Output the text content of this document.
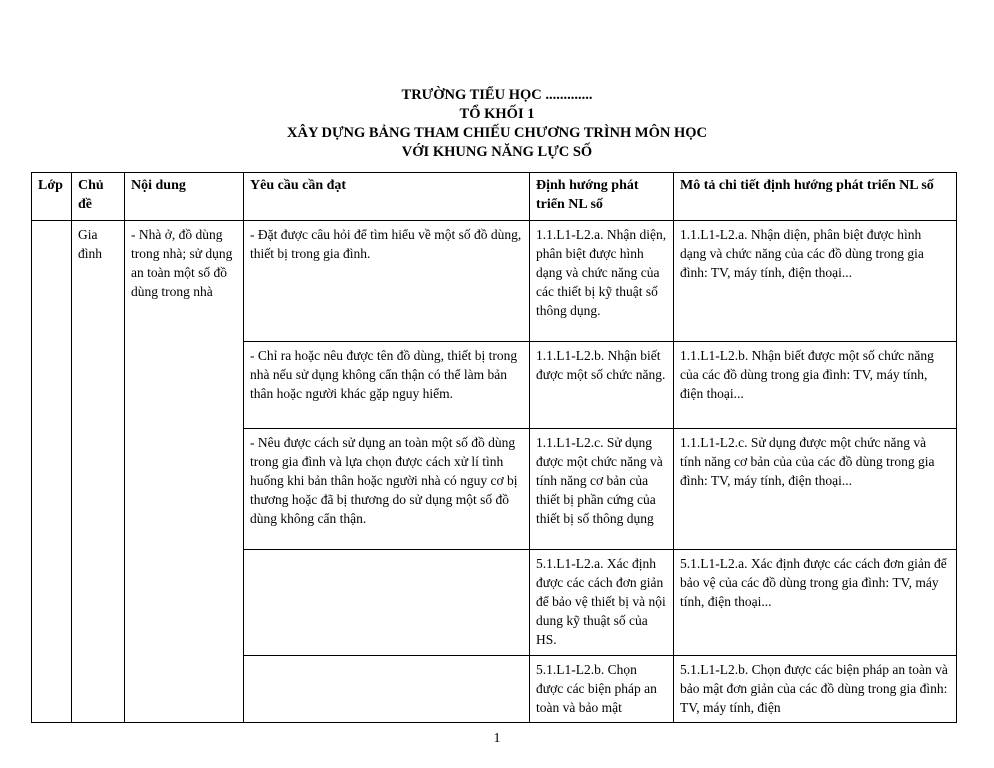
TRƯỜNG TIỂU HỌC .............
TỔ KHỐI 1
XÂY DỰNG BẢNG THAM CHIẾU CHƯƠNG TRÌNH MÔN HỌC
VỚI KHUNG NĂNG LỰC SỐ
Lớp	Chủ đề	Nội dung	Yêu cầu cần đạt	Định hướng phát triển NL số	Mô tả chi tiết định hướng phát triển NL số
	Gia đình	- Nhà ở, đồ dùng trong nhà; sử dụng an toàn một số đồ dùng trong nhà	- Đặt được câu hỏi để tìm hiểu về một số đồ dùng, thiết bị trong gia đình.	1.1.L1-L2.a. Nhận diện, phân biệt được hình dạng và chức năng của các thiết bị kỹ thuật số thông dụng.	1.1.L1-L2.a. Nhận diện, phân biệt được hình dạng và chức năng của các đồ dùng trong gia đình: TV, máy tính, điện thoại...
			- Chỉ ra hoặc nêu được tên đồ dùng, thiết bị trong nhà nếu sử dụng không cẩn thận có thể làm bản thân hoặc người khác gặp nguy hiểm.	1.1.L1-L2.b. Nhận biết được một số chức năng.	1.1.L1-L2.b. Nhận biết được một số chức năng của các đồ dùng trong gia đình: TV, máy tính, điện thoại...
			- Nêu được cách sử dụng an toàn một số đồ dùng trong gia đình và lựa chọn được cách xử lí tình huống khi bản thân hoặc người nhà có nguy cơ bị thương hoặc đã bị thương do sử dụng một số đồ dùng không cẩn thận.	1.1.L1-L2.c. Sử dụng được một chức năng và tính năng cơ bản của thiết bị phần cứng của thiết bị số thông dụng	1.1.L1-L2.c. Sử dụng được một chức năng và tính năng cơ bản của của các đồ dùng trong gia đình: TV, máy tính, điện thoại...
				5.1.L1-L2.a. Xác định được các cách đơn giản để bảo vệ thiết bị và nội dung kỹ thuật số của HS.	5.1.L1-L2.a. Xác định được các cách đơn giản để bảo vệ của các đồ dùng trong gia đình: TV, máy tính, điện thoại...
				5.1.L1-L2.b. Chọn được các biện pháp an toàn và bảo mật	5.1.L1-L2.b. Chọn được các biện pháp an toàn và bảo mật đơn giản của các đồ dùng trong gia đình: TV, máy tính, điện
1
